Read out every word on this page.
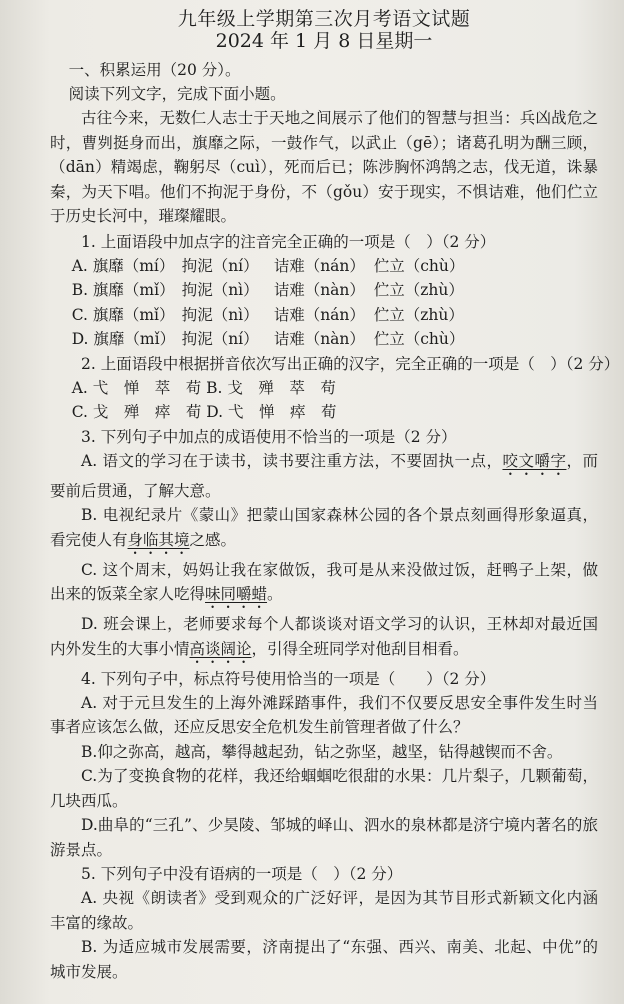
九年级上学期第三次月考语文试题
2024 年 1 月 8 日星期一
一、积累运用（20 分）。
阅读下列文字，完成下面小题。
古往今来，无数仁人志士于天地之间展示了他们的智慧与担当：兵凶战危之时，曹刿挺身而出，旗靡之际，一鼓作气，以武止（gē）；诸葛孔明为酬三顾，（dān）精竭虑，鞠躬尽（cuì），死而后已；陈涉胸怀鸿鹄之志，伐无道，诛暴秦，为天下唱。他们不拘泥于身份，不（gǒu）安于现实，不惧诘难，他们伫立于历史长河中，璀璨耀眼。
1. 上面语段中加点字的注音完全正确的一项是（　）（2 分）
A. 旗靡（mí） 拘泥（ní） 诘难（nán） 伫立（chù）
B. 旗靡（mǐ） 拘泥（nì） 诘难（nàn） 伫立（zhù）
C. 旗靡（mǐ） 拘泥（nì） 诘难（nán） 伫立（zhù）
D. 旗靡（mǐ） 拘泥（ní） 诘难（nàn） 伫立（chù）
2. 上面语段中根据拼音依次写出正确的汉字，完全正确的一项是（　）（2 分）
A. 弋　惮　萃　苟 B. 戈　殚　萃　苟
C. 戈　殚　瘁　荀 D. 弋　惮　瘁　荀
3. 下列句子中加点的成语使用不恰当的一项是（2 分）
A. 语文的学习在于读书，读书要注重方法，不要固执一点，咬文嚼字，而要前后贯通，了解大意。
B. 电视纪录片《蒙山》把蒙山国家森林公园的各个景点刻画得形象逼真，看完使人有身临其境之感。
C. 这个周末，妈妈让我在家做饭，我可是从来没做过饭，赶鸭子上架，做出来的饭菜全家人吃得味同嚼蜡。
D. 班会课上，老师要求每个人都谈谈对语文学习的认识，王林却对最近国内外发生的大事小情高谈阔论，引得全班同学对他刮目相看。
4. 下列句子中，标点符号使用恰当的一项是（　　）（2 分）
A. 对于元旦发生的上海外滩踩踏事件，我们不仅要反思安全事件发生时当事者应该怎么做，还应反思安全危机发生前管理者做了什么？
B.仰之弥高，越高，攀得越起劲，钻之弥坚，越坚，钻得越锲而不舍。
C.为了变换食物的花样，我还给蝈蝈吃很甜的水果：几片梨子，几颗葡萄，几块西瓜。
D.曲阜的“三孔”、少昊陵、邹城的峄山、泗水的泉林都是济宁境内著名的旅游景点。
5. 下列句子中没有语病的一项是（　）（2 分）
A. 央视《朗读者》受到观众的广泛好评，是因为其节目形式新颖文化内涵丰富的缘故。
B. 为适应城市发展需要，济南提出了“东强、西兴、南美、北起、中优”的城市发展。
